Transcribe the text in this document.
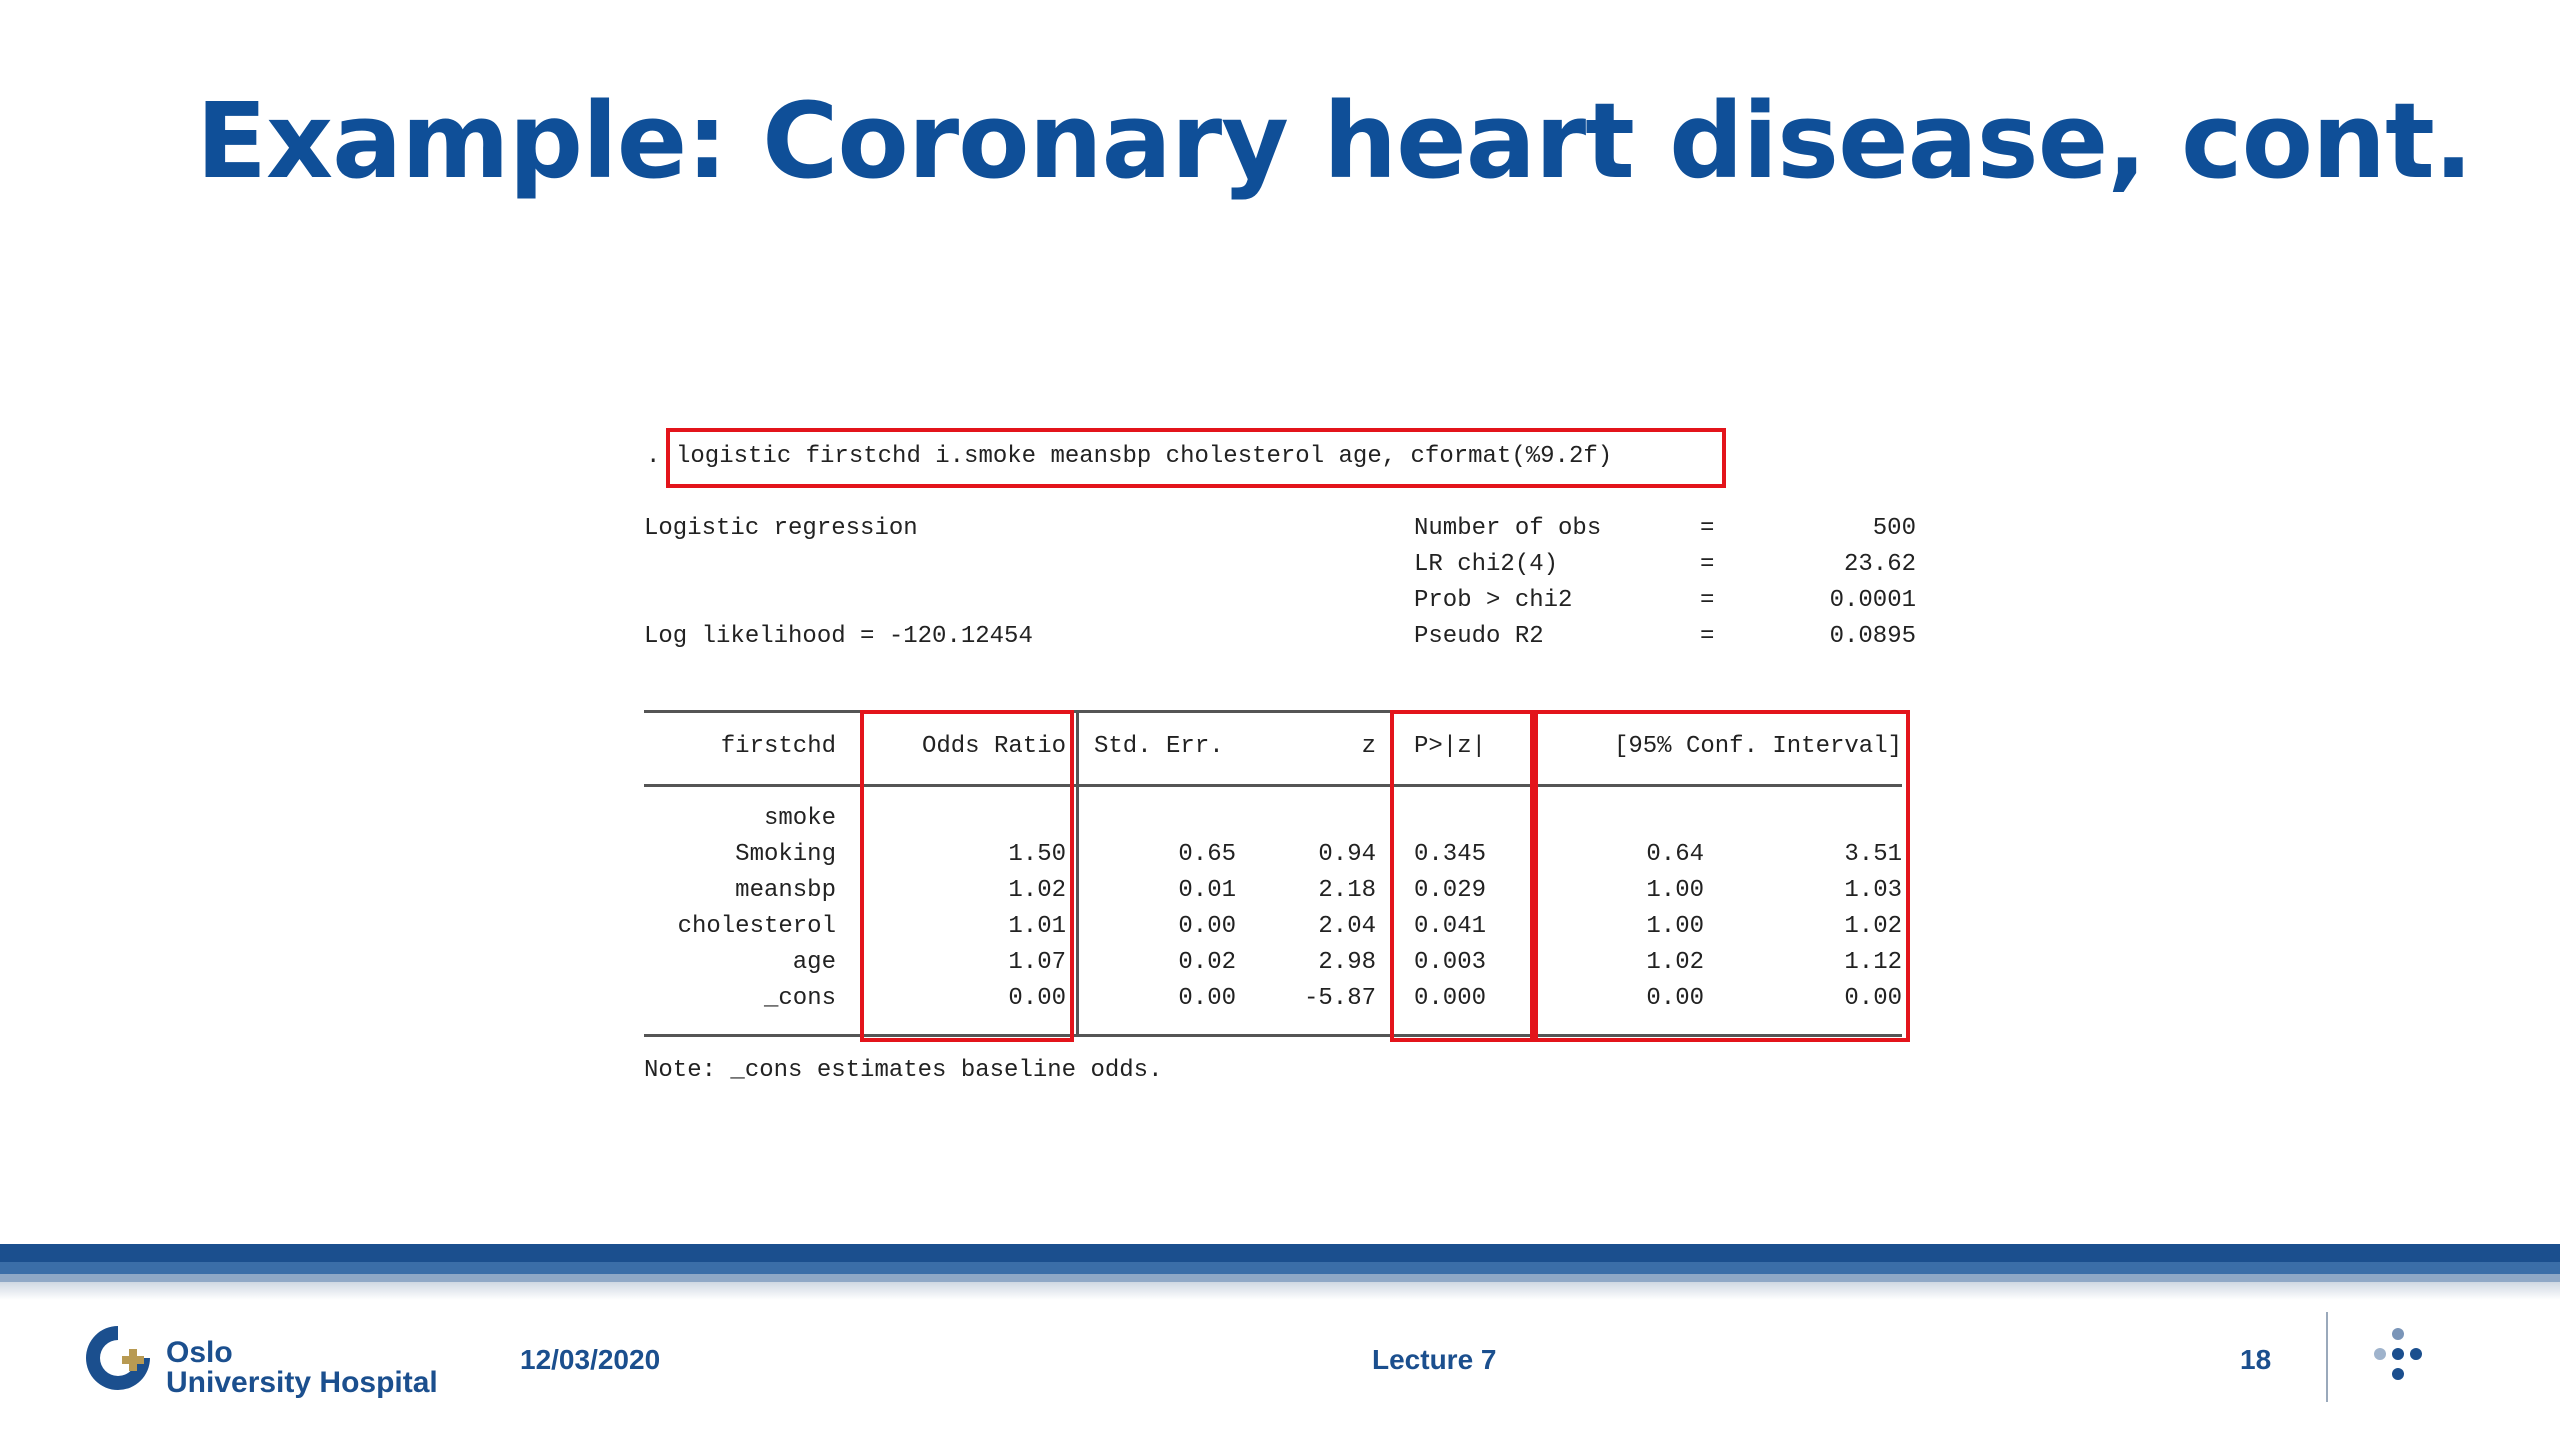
Example: Coronary heart disease, cont.
. logistic firstchd i.smoke meansbp cholesterol age, cformat(%9.2f)
Logistic regression
Log likelihood = -120.12454
Number of obs	=	500
LR chi2(4)	=	23.62
Prob > chi2	=	0.0001
Pseudo R2	=	0.0895
firstchd	Odds Ratio Std. Err.	z P>|z|	[95% Conf. Interval]
smoke
Smoking	1.50	0.65	0.94 0.345	0.64	3.51
meansbp	1.02	0.01	2.18 0.029	1.00	1.03
cholesterol	1.01	0.00	2.04 0.041	1.00	1.02
age	1.07	0.02	2.98 0.003	1.02	1.12
_cons	0.00	0.00	-5.87 0.000	0.00	0.00
Note: _cons estimates baseline odds.
Oslo
University Hospital
12/03/2020	Lecture 7	18
